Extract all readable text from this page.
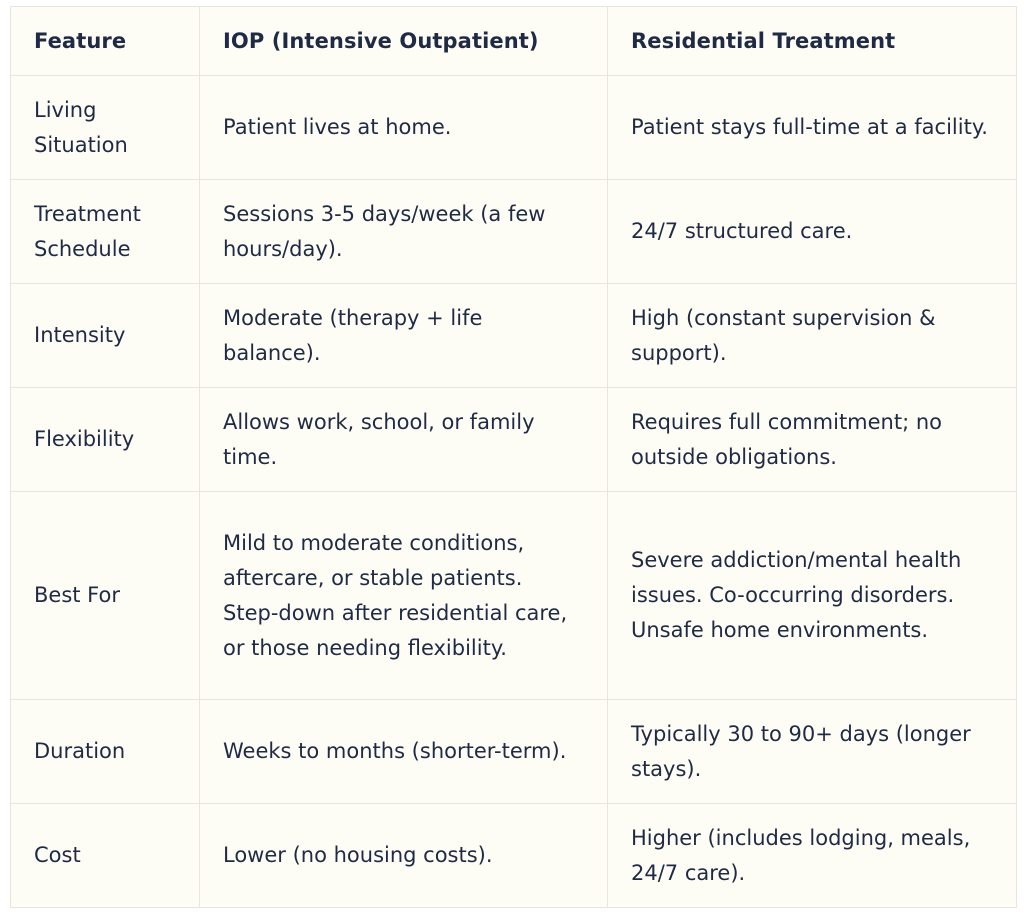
Feature	IOP (Intensive Outpatient)	Residential Treatment
Living Situation	Patient lives at home.	Patient stays full-time at a facility.
Treatment Schedule	Sessions 3-5 days/week (a few hours/day).	24/7 structured care.
Intensity	Moderate (therapy + life balance).	High (constant supervision & support).
Flexibility	Allows work, school, or family time.	Requires full commitment; no outside obligations.
Best For	Mild to moderate conditions, aftercare, or stable patients. Step-down after residential care, or those needing flexibility.	Severe addiction/mental health issues. Co-occurring disorders. Unsafe home environments.
Duration	Weeks to months (shorter-term).	Typically 30 to 90+ days (longer stays).
Cost	Lower (no housing costs).	Higher (includes lodging, meals, 24/7 care).
